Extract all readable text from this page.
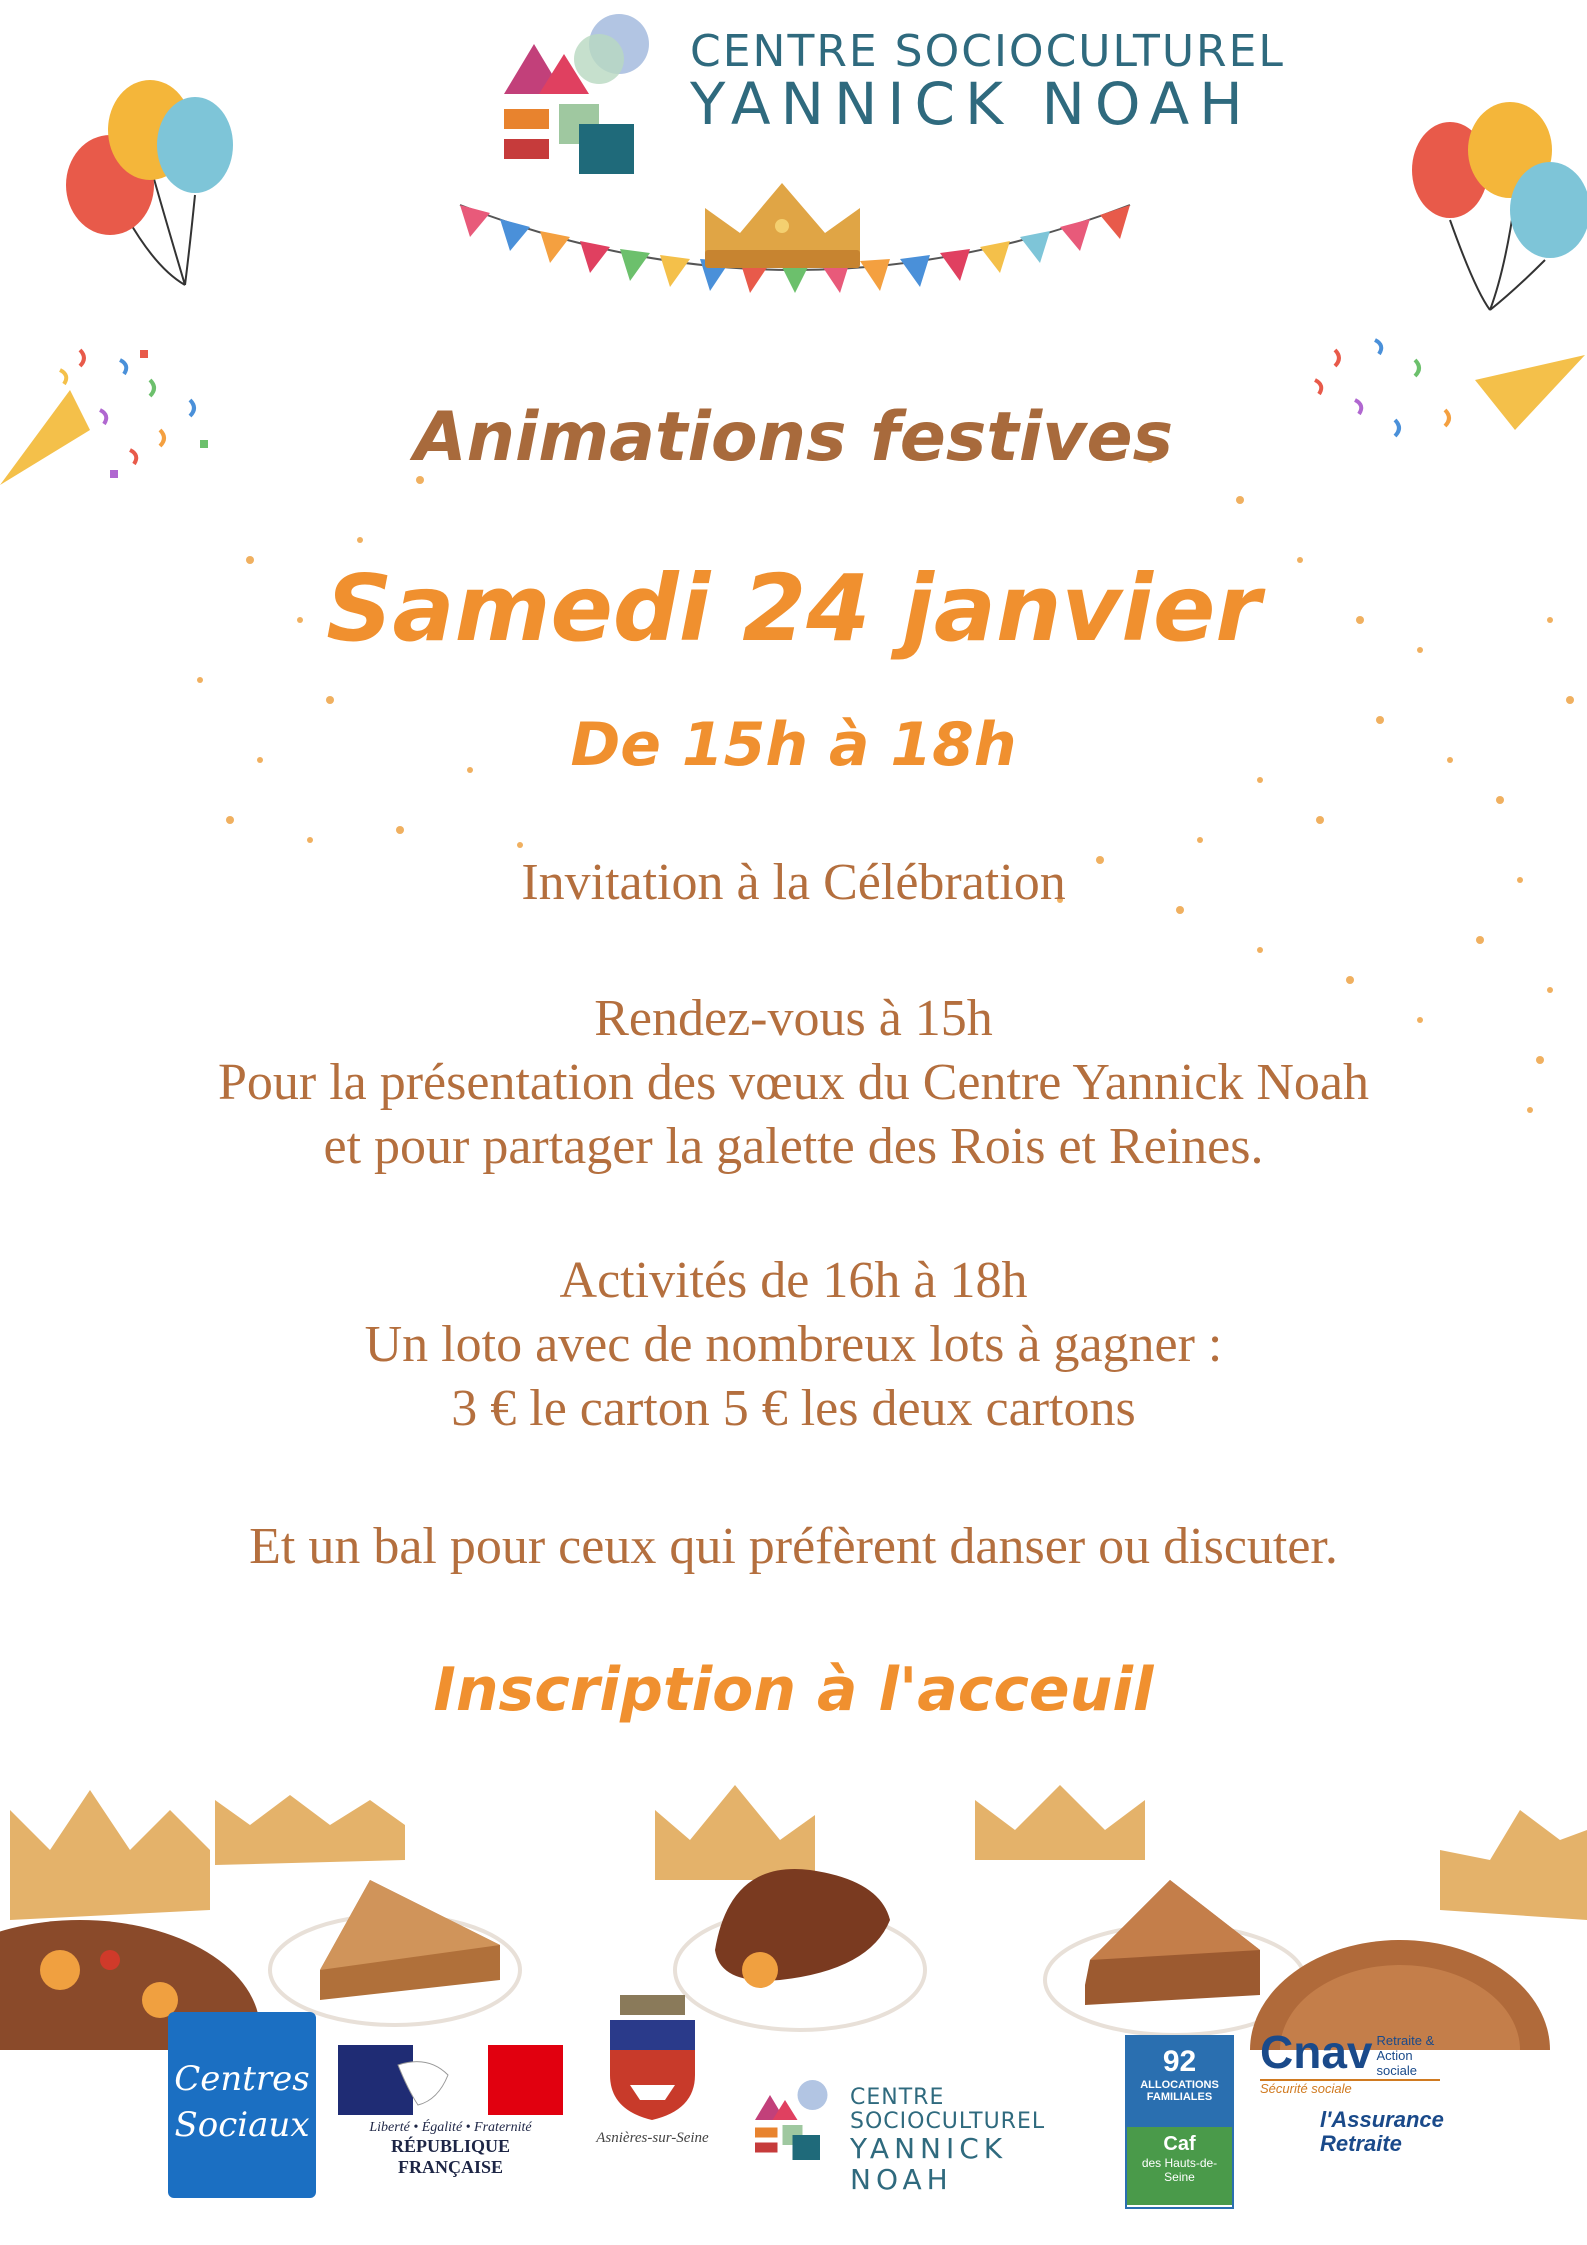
CENTRE SOCIOCULTUREL
YANNICK NOAH
Animations festives
Samedi 24 janvier
De 15h à 18h
Invitation à la Célébration
Rendez-vous à 15h
Pour la présentation des vœux du Centre Yannick Noah
et pour partager la galette des Rois et Reines.
Activités de 16h à 18h
Un loto avec de nombreux lots à gagner :
3 € le carton 5 € les deux cartons
Et un bal pour ceux qui préfèrent danser ou discuter.
Inscription à l'acceuil
Centres Sociaux	Liberté • Égalité • Fraternité
RÉPUBLIQUE FRANÇAISE
Asnières-sur-Seine
CENTRE SOCIOCULTUREL
YANNICK NOAH
92
ALLOCATIONS
FAMILIALES
Caf
des Hauts-de-Seine
Cnav Retraite & Action sociale
Sécurité sociale
l'Assurance
Retraite
